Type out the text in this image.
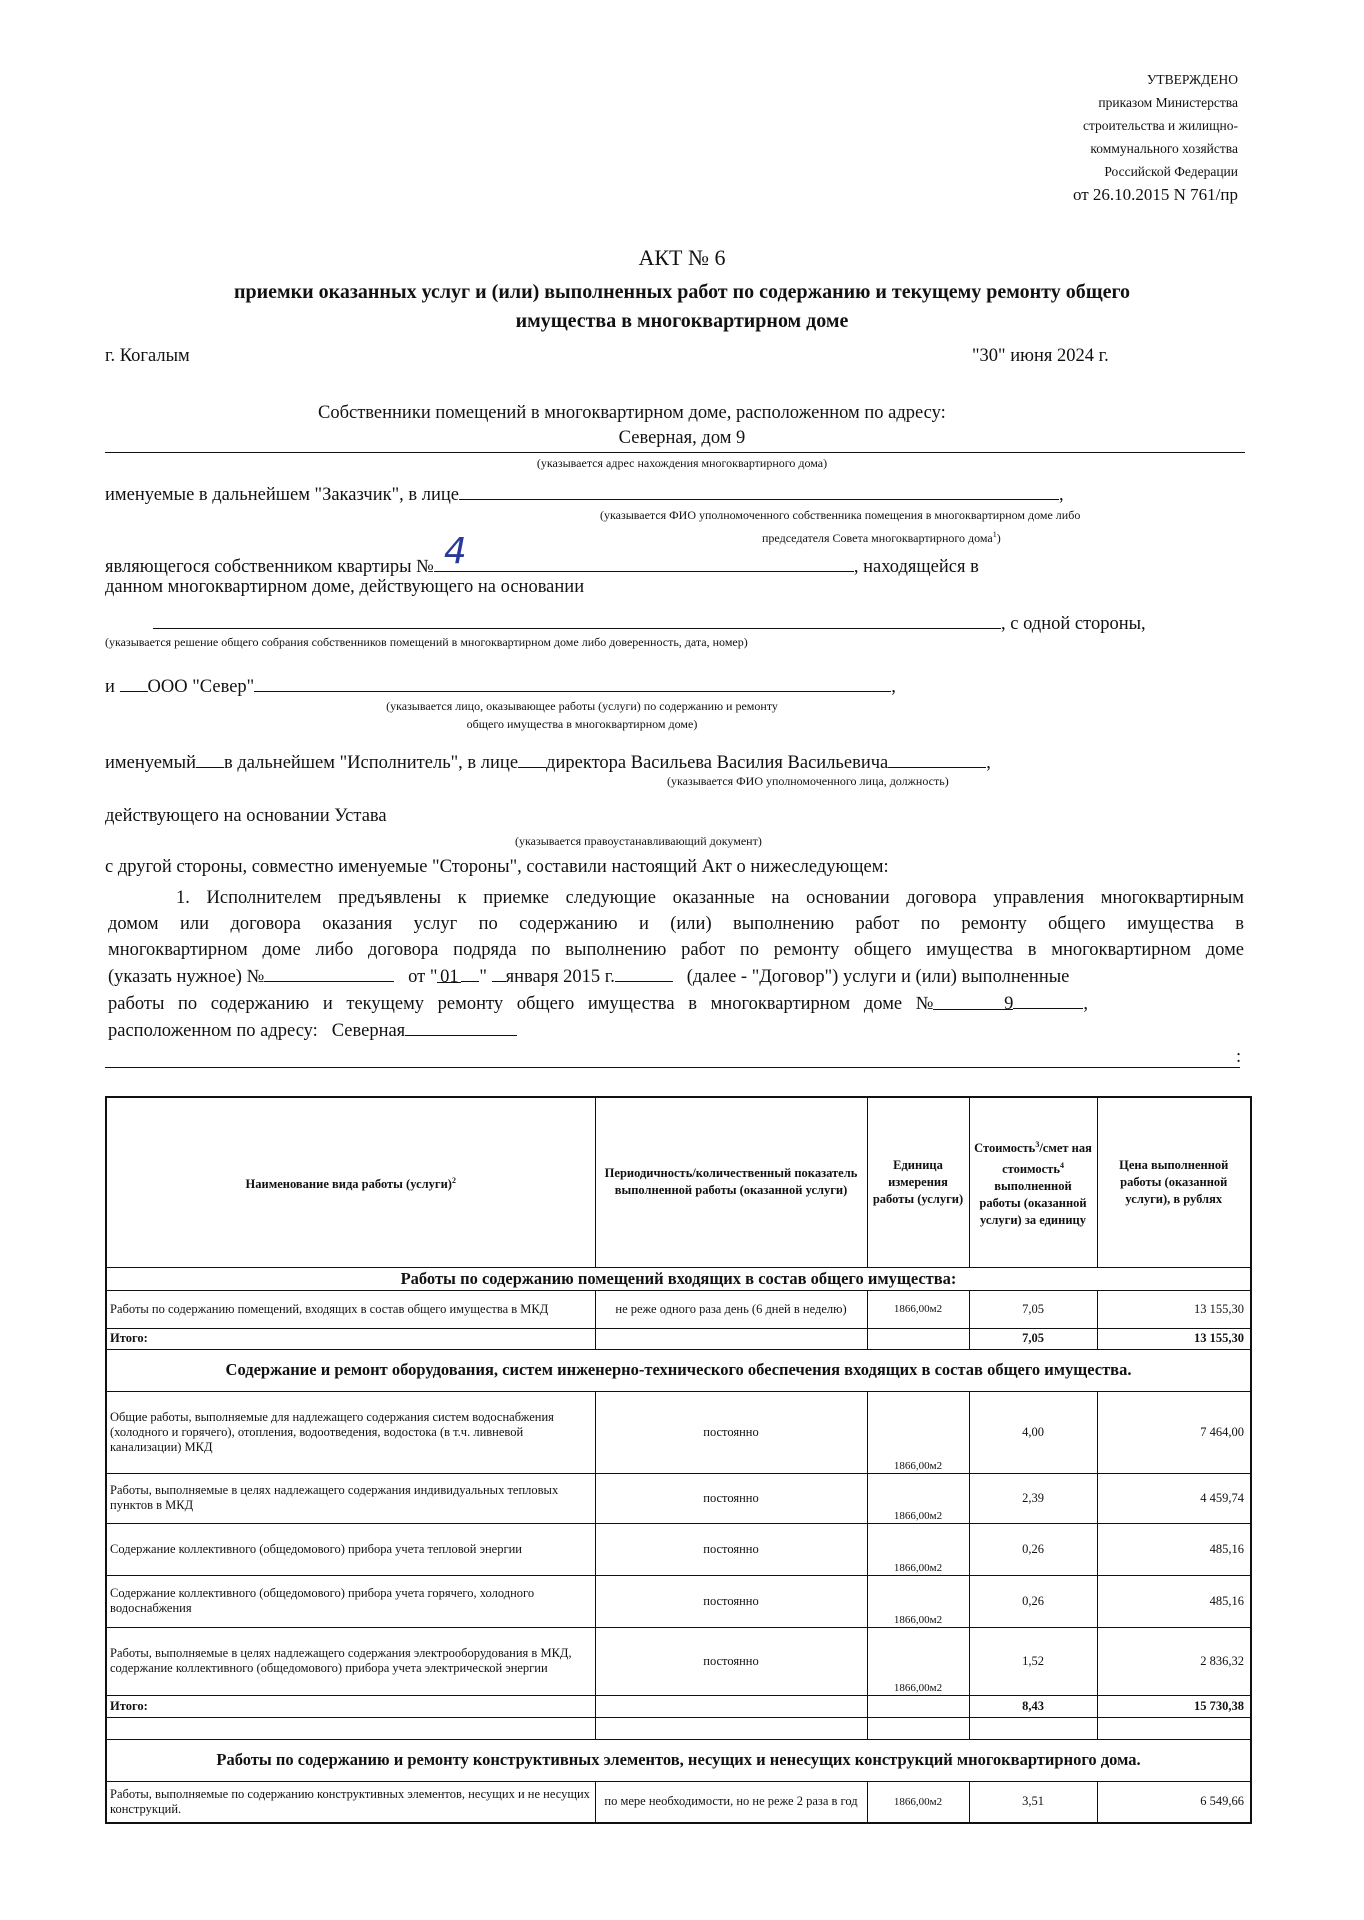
УТВЕРЖДЕНО
приказом Министерства
строительства и жилищно-
коммунального хозяйства
Российской Федерации
от 26.10.2015 N 761/пр
АКТ № 6
приемки оказанных услуг и (или) выполненных работ по содержанию и текущему ремонту общего
имущества в многоквартирном доме
г. Когалым	"30" июня 2024 г.
Собственники помещений в многоквартирном доме, расположенном по адресу:
Северная, дом 9
(указывается адрес нахождения многоквартирного дома)
именуемые в дальнейшем "Заказчик", в лице	,
(указывается ФИО уполномоченного собственника помещения в многоквартирном доме либо
председателя Совета многоквартирного дома$^1$)
являющегося собственником квартиры № 4	, находящейся в
данном многоквартирном доме, действующего на основании
, с одной стороны,
(указывается решение общего собрания собственников помещений в многоквартирном доме либо доверенность, дата, номер)
и ООО "Север"	,
(указывается лицо, оказывающее работы (услуги) по содержанию и ремонту
общего имущества в многоквартирном доме)
именуемый в дальнейшем "Исполнитель", в лице директора Васильева Василия Васильевича	,
(указывается ФИО уполномоченного лица, должность)
действующего на основании Устава
(указывается правоустанавливающий документ)
с другой стороны, совместно именуемые "Стороны", составили настоящий Акт о нижеследующем:
1. Исполнителем предъявлены к приемке следующие оказанные на основании договора управления многоквартирным
домом или договора оказания услуг по содержанию и (или) выполнению работ по ремонту общего имущества в
многоквартирном доме либо договора подряда по выполнению работ по ремонту общего имущества в многоквартирном доме
(указать нужное) №	от " 01 " января 2015 г.	(далее - "Договор") услуги и (или) выполненные
работы по содержанию и текущему ремонту общего имущества в многоквартирном доме №	9	,
расположенном по адресу: Северная
:
Наименование вида работы (услуги)$^2$	Периодичность/количественный показатель выполненной работы (оказанной услуги)	Единица измерения работы (услуги)	Стоимость$^3$/смет ная стоимость$^4$ выполненной работы (оказанной услуги) за единицу	Цена выполненной работы (оказанной услуги), в рублях
Работы по содержанию помещений входящих в состав общего имущества:				
Работы по содержанию помещений, входящих в состав общего имущества в МКД	не реже одного раза день (6 дней в неделю)	1866,00м2	7,05	13 155,30
Итого:			7,05	13 155,30
Содержание и ремонт оборудования, систем инженерно-технического обеспечения входящих в состав общего имущества.				
Общие работы, выполняемые для надлежащего содержания систем водоснабжения (холодного и горячего), отопления, водоотведения, водостока (в т.ч. ливневой канализации) МКД	постоянно	1866,00м2	4,00	7 464,00
Работы, выполняемые в целях надлежащего содержания индивидуальных тепловых пунктов в МКД	постоянно	1866,00м2	2,39	4 459,74
Содержание коллективного (общедомового) прибора учета тепловой энергии	постоянно	1866,00м2	0,26	485,16
Содержание коллективного (общедомового) прибора учета горячего, холодного водоснабжения	постоянно	1866,00м2	0,26	485,16
Работы, выполняемые в целях надлежащего содержания электрооборудования в МКД, содержание коллективного (общедомового) прибора учета электрической энергии	постоянно	1866,00м2	1,52	2 836,32
Итого:			8,43	15 730,38

Работы по содержанию и ремонту конструктивных элементов, несущих и ненесущих конструкций многоквартирного дома.				
Работы, выполняемые по содержанию конструктивных элементов, несущих и не несущих конструкций.	по мере необходимости, но не реже 2 раза в год	1866,00м2	3,51	6 549,66
